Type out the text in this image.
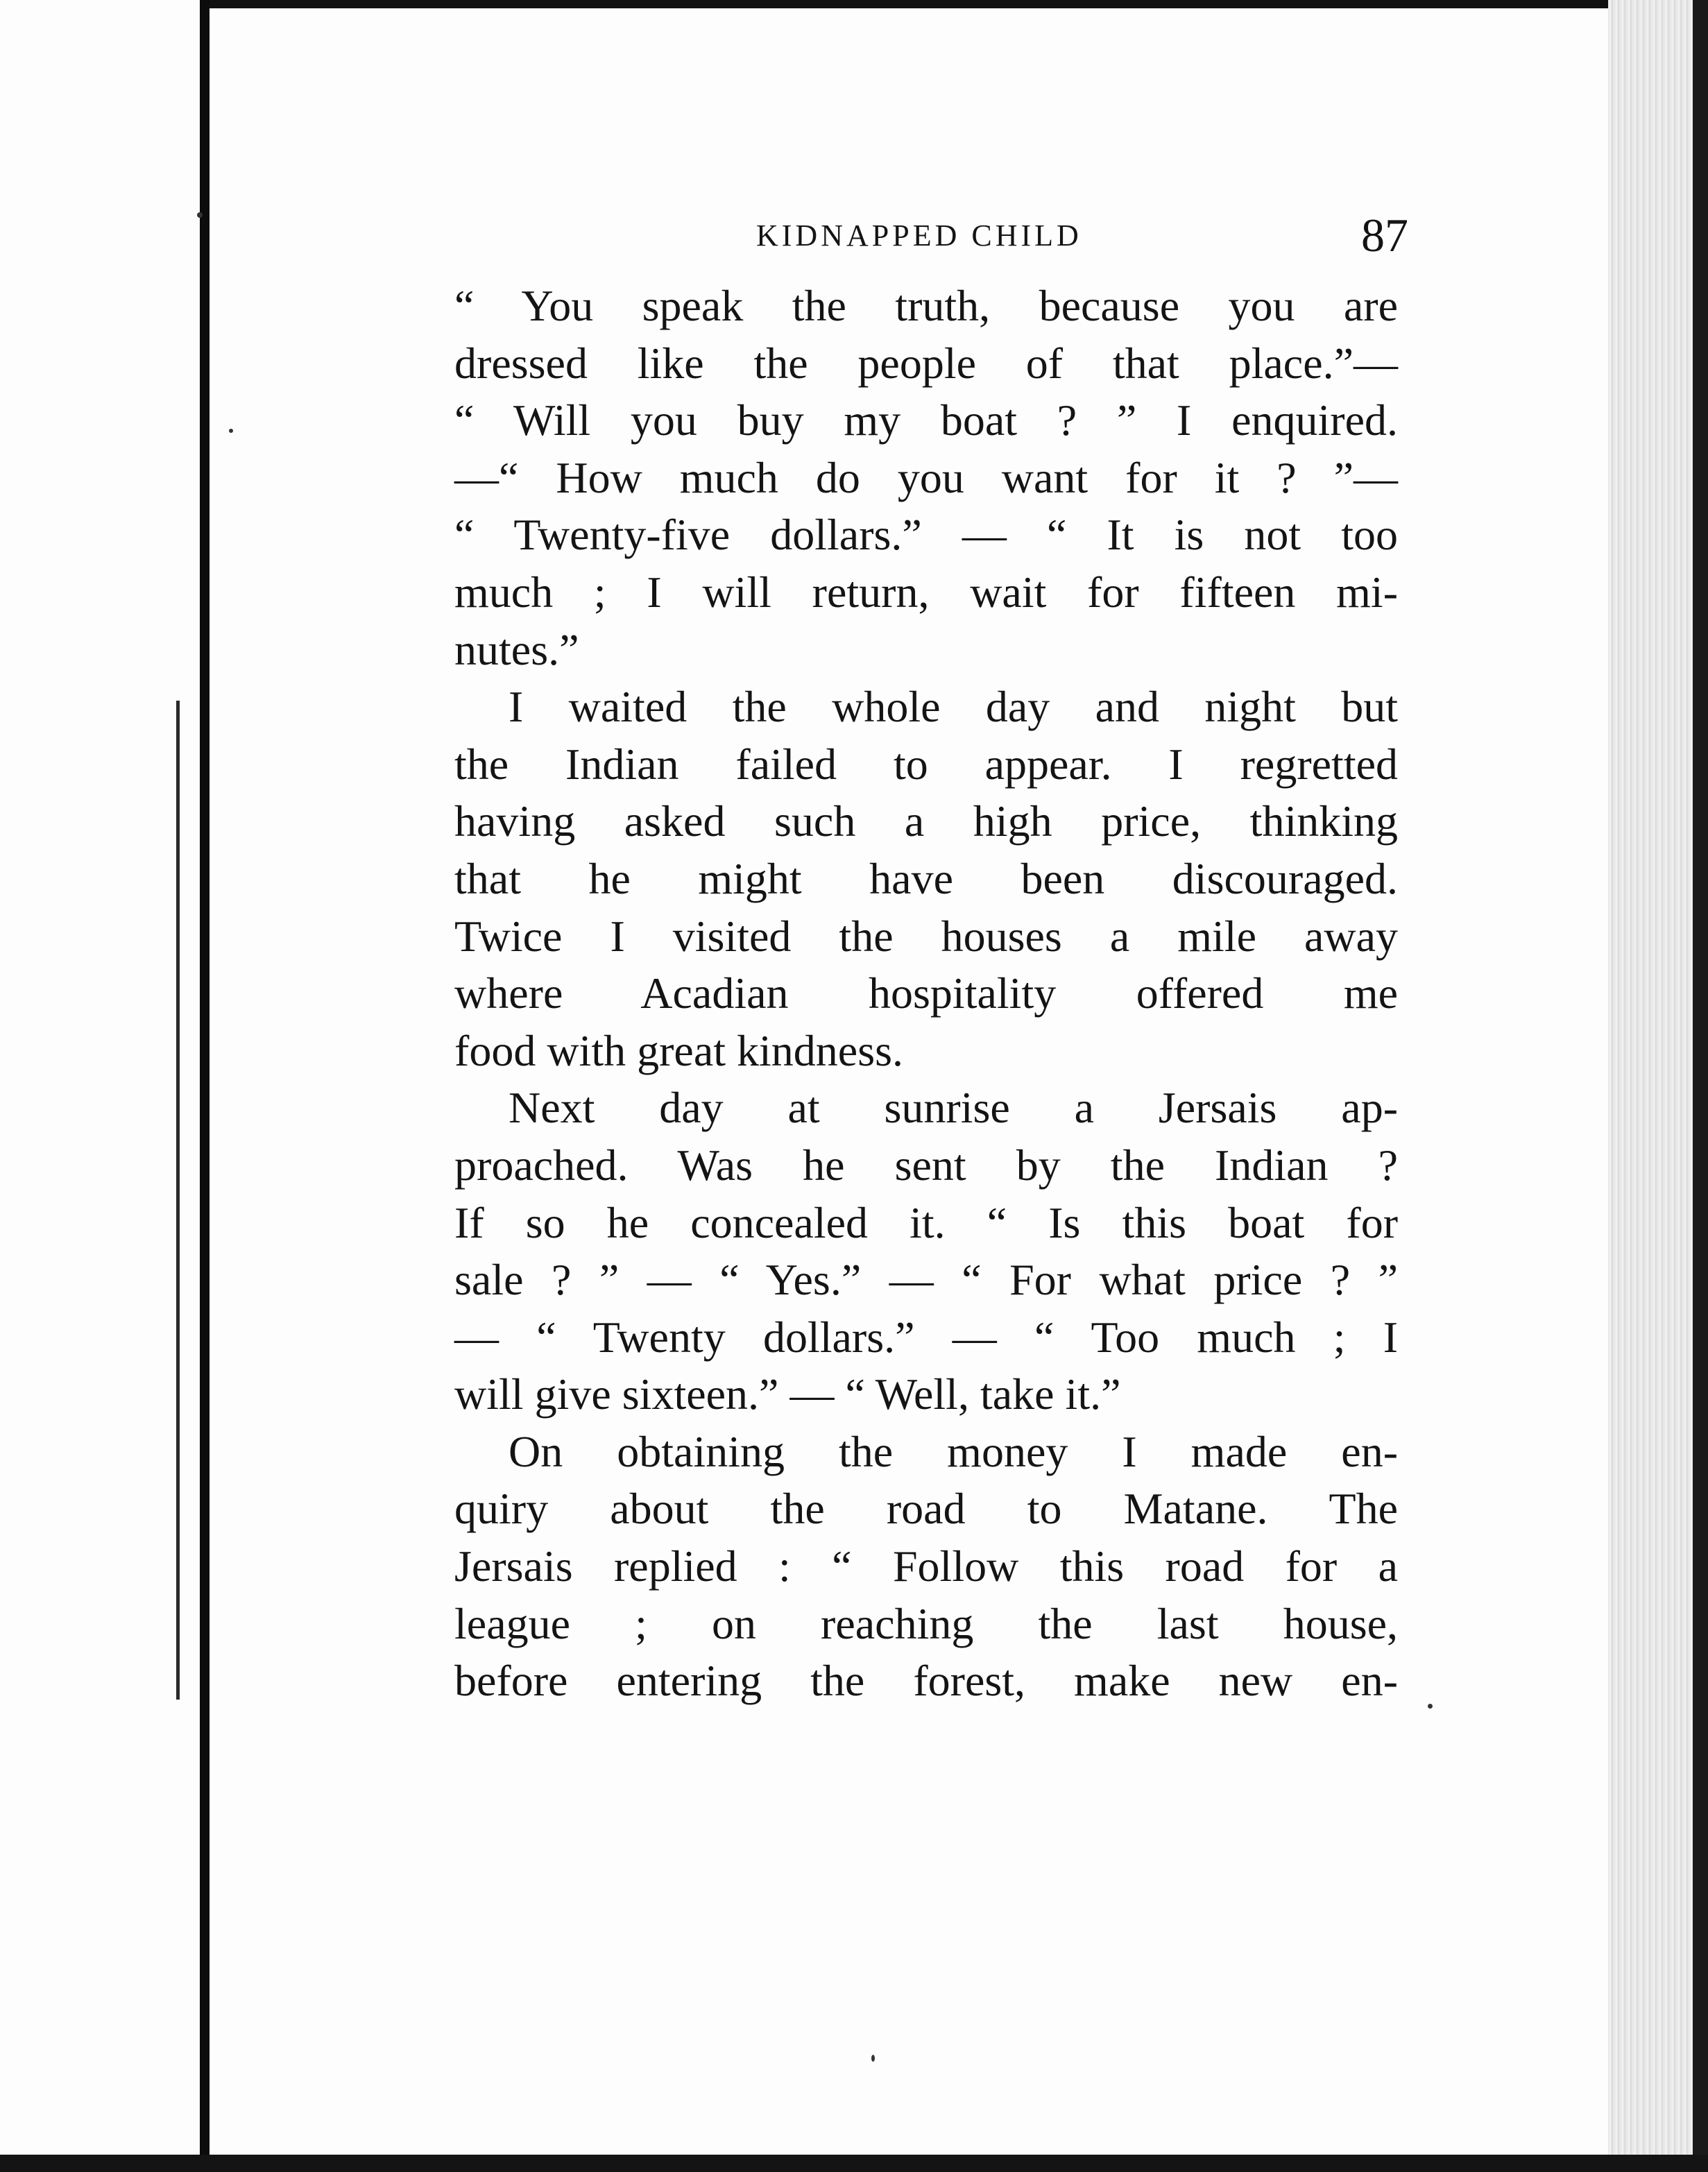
KIDNAPPED CHILD	87
“ You speak the truth, because you are
dressed like the people of that place.”—
“ Will you buy my boat ? ” I enquired.
—“ How much do you want for it ? ”—
“ Twenty-five dollars.” — “ It is not too
much ; I will return, wait for fifteen mi-
nutes.”
I waited the whole day and night but
the Indian failed to appear. I regretted
having asked such a high price, thinking
that he might have been discouraged.
Twice I visited the houses a mile away
where Acadian hospitality offered me
food with great kindness.
Next day at sunrise a Jersais ap-
proached. Was he sent by the Indian ?
If so he concealed it. “ Is this boat for
sale ? ” — “ Yes.” — “ For what price ? ”
— “ Twenty dollars.” — “ Too much ; I
will give sixteen.” — “ Well, take it.”
On obtaining the money I made en-
quiry about the road to Matane. The
Jersais replied : “ Follow this road for a
league ; on reaching the last house,
before entering the forest, make new en-
